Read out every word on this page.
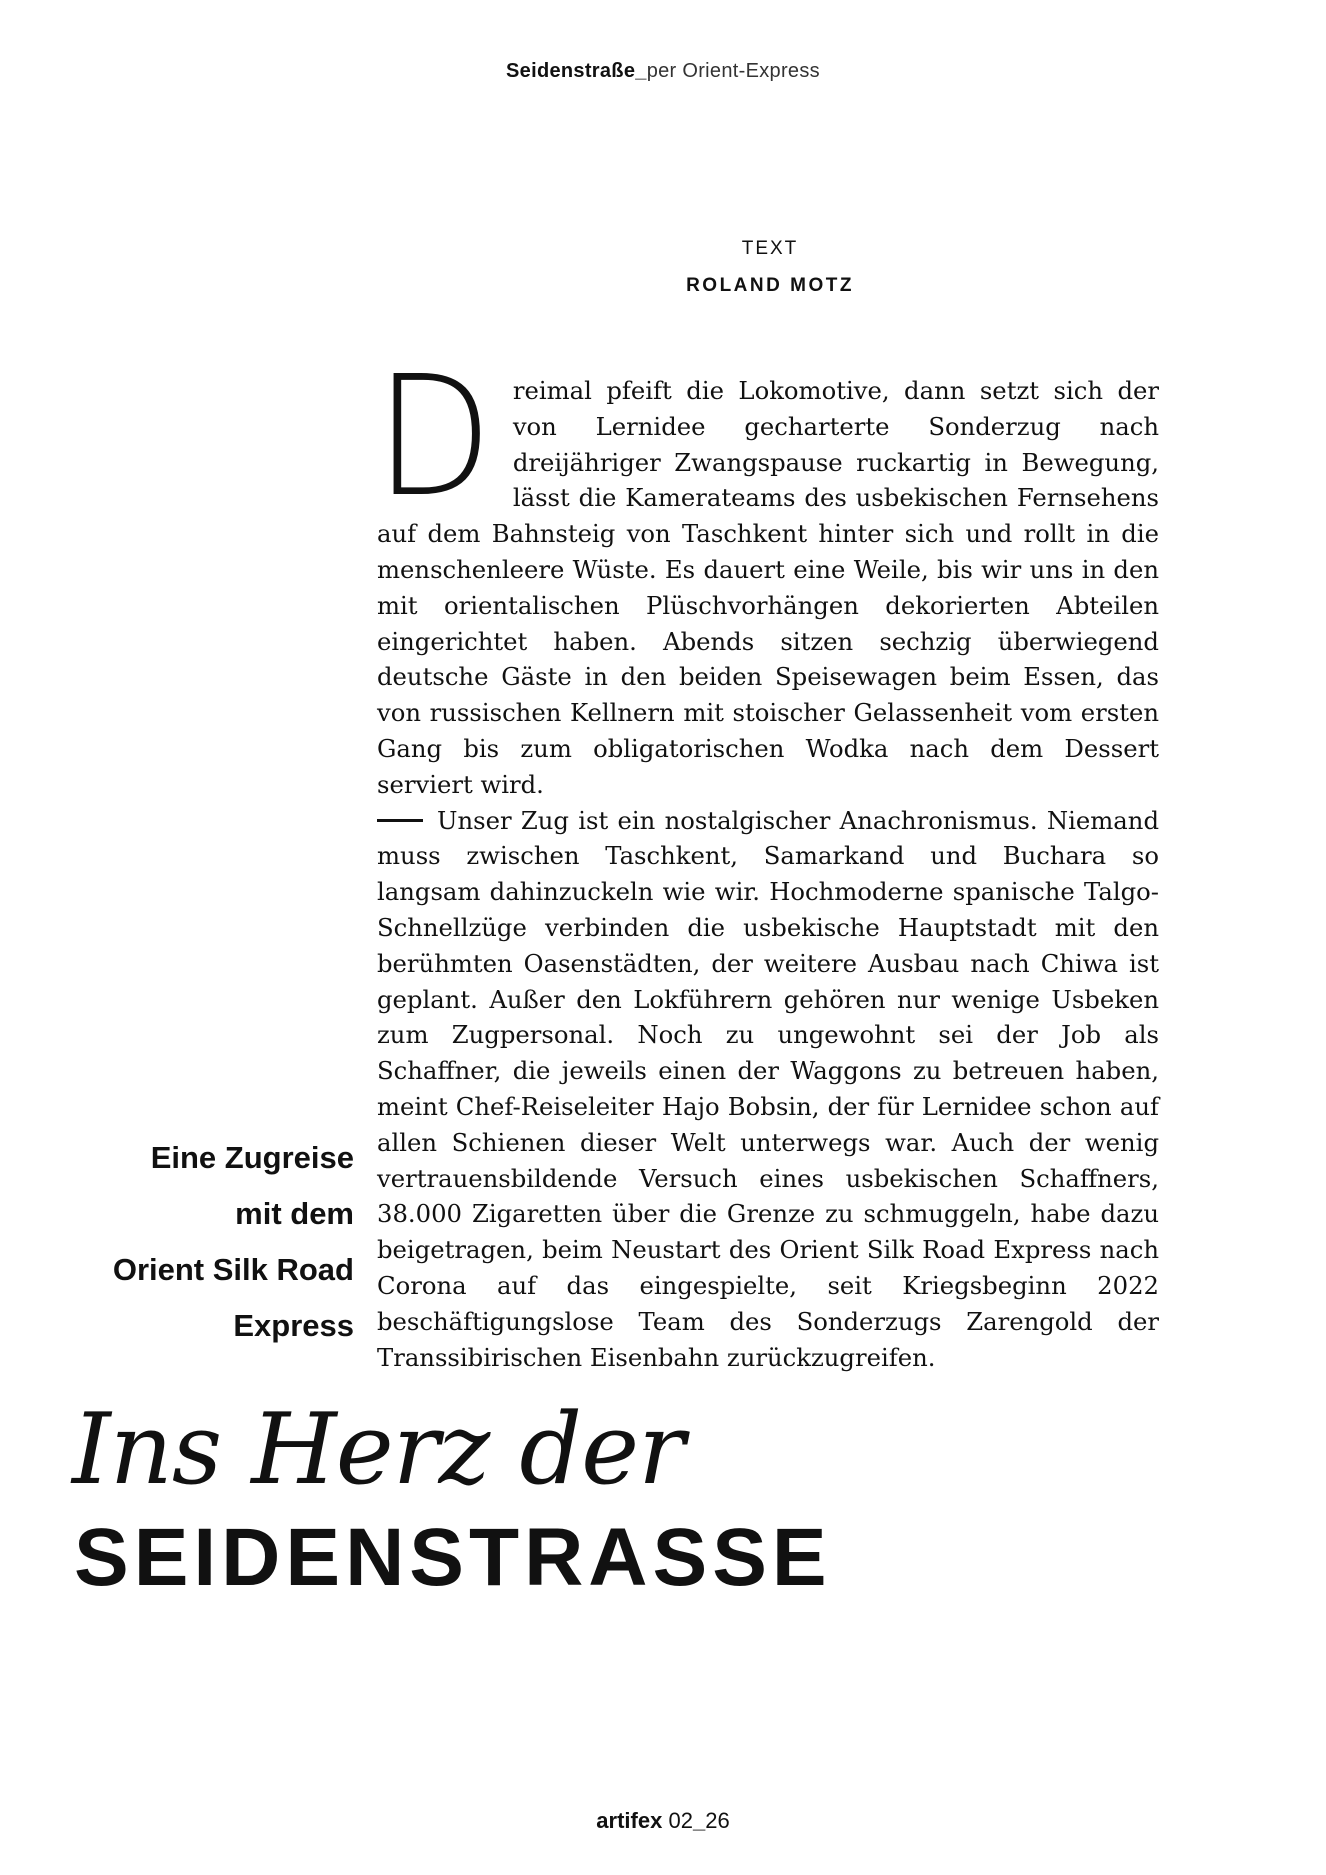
Seidenstraße_per Orient-Express
TEXT
ROLAND MOTZ

Dreimal pfeift die Lokomotive, dann setzt sich der von Lernidee gecharterte Sonderzug nach dreijähriger Zwangspause ruckartig in Bewegung, lässt die Kamerateams des usbekischen Fernsehens auf dem Bahnsteig von Taschkent hinter sich und rollt in die menschenleere Wüste. Es dauert eine Weile, bis wir uns in den mit orientalischen Plüschvorhängen dekorierten Abteilen eingerichtet haben. Abends sitzen sechzig überwiegend deutsche Gäste in den beiden Speisewagen beim Essen, das von russischen Kellnern mit stoischer Gelassenheit vom ersten Gang bis zum obligatorischen Wodka nach dem Dessert serviert wird.

Unser Zug ist ein nostalgischer Anachronismus. Niemand muss zwischen Taschkent, Samarkand und Buchara so langsam dahinzuckeln wie wir. Hochmoderne spanische Talgo-Schnellzüge verbinden die usbekische Hauptstadt mit den berühmten Oasenstädten, der weitere Ausbau nach Chiwa ist geplant. Außer den Lokführern gehören nur wenige Usbeken zum Zugpersonal. Noch zu ungewohnt sei der Job als Schaffner, die jeweils einen der Waggons zu betreuen haben, meint Chef-Reiseleiter Hajo Bobsin, der für Lernidee schon auf allen Schienen dieser Welt unterwegs war. Auch der wenig vertrauensbildende Versuch eines usbekischen Schaffners, 38.000 Zigaretten über die Grenze zu schmuggeln, habe dazu beigetragen, beim Neustart des Orient Silk Road Express nach Corona auf das eingespielte, seit Kriegsbeginn 2022 beschäftigungslose Team des Sonderzugs Zarengold der Transsibirischen Eisenbahn zurückzugreifen.

Eine Zugreise
mit dem
Orient Silk Road
Express
Ins Herz der
SEIDENSTRASSE
artifex 02_26
